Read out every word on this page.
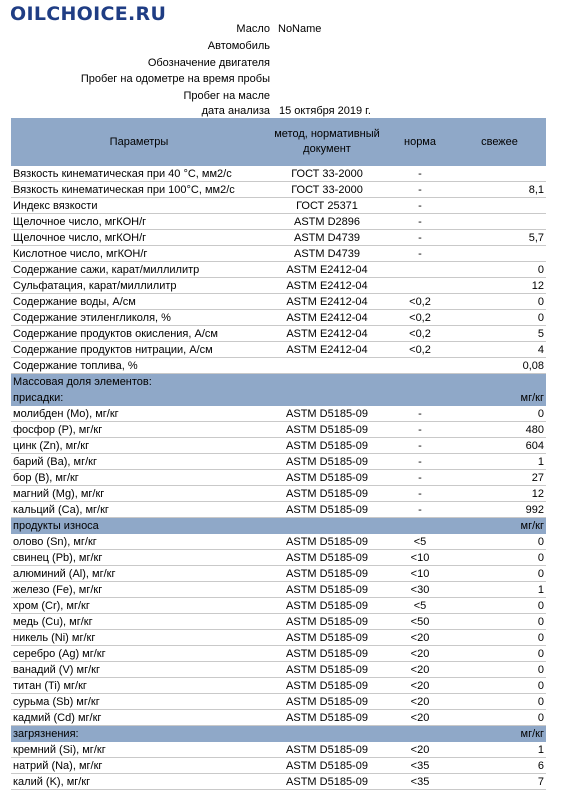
OILCHOICE.RU
Масло NoName
Автомобиль
Обозначение двигателя
Пробег на одометре на время пробы
Пробег на масле
дата анализа 15 октября 2019 г.
Параметры	метод, нормативный документ	норма	свежее
Вязкость кинематическая при 40 °С, мм2/с	ГОСТ 33-2000	-	
Вязкость кинематическая при 100°С, мм2/с	ГОСТ 33-2000	-	8,1
Индекс вязкости	ГОСТ 25371	-	
Щелочное число, мгКОН/г	ASTM D2896	-	
Щелочное число, мгКОН/г	ASTM D4739	-	5,7
Кислотное число, мгКОН/г	ASTM D4739	-	
Содержание сажи, карат/миллилитр	ASTM E2412-04		0
Сульфатация, карат/миллилитр	ASTM E2412-04		12
Содержание воды, А/см	ASTM E2412-04	<0,2	0
Содержание этиленгликоля, %	ASTM E2412-04	<0,2	0
Содержание продуктов окисления, А/см	ASTM E2412-04	<0,2	5
Содержание продуктов нитрации, А/см	ASTM E2412-04	<0,2	4
Содержание топлива, %			0,08
Массовая доля элементов:			
присадки:			мг/кг
молибден (Mo), мг/кг	ASTM D5185-09	-	0
фосфор (P), мг/кг	ASTM D5185-09	-	480
цинк (Zn), мг/кг	ASTM D5185-09	-	604
барий (Ba), мг/кг	ASTM D5185-09	-	1
бор (B), мг/кг	ASTM D5185-09	-	27
магний (Mg), мг/кг	ASTM D5185-09	-	12
кальций (Ca), мг/кг	ASTM D5185-09	-	992
продукты износа			мг/кг
олово (Sn), мг/кг	ASTM D5185-09	<5	0
свинец (Pb), мг/кг	ASTM D5185-09	<10	0
алюминий (Al), мг/кг	ASTM D5185-09	<10	0
железо (Fe), мг/кг	ASTM D5185-09	<30	1
хром (Cr), мг/кг	ASTM D5185-09	<5	0
медь (Cu), мг/кг	ASTM D5185-09	<50	0
никель (Ni) мг/кг	ASTM D5185-09	<20	0
серебро (Ag) мг/кг	ASTM D5185-09	<20	0
ванадий (V) мг/кг	ASTM D5185-09	<20	0
титан (Ti) мг/кг	ASTM D5185-09	<20	0
сурьма (Sb) мг/кг	ASTM D5185-09	<20	0
кадмий (Cd) мг/кг	ASTM D5185-09	<20	0
загрязнения:			мг/кг
кремний (Si), мг/кг	ASTM D5185-09	<20	1
натрий (Na), мг/кг	ASTM D5185-09	<35	6
калий (K), мг/кг	ASTM D5185-09	<35	7
